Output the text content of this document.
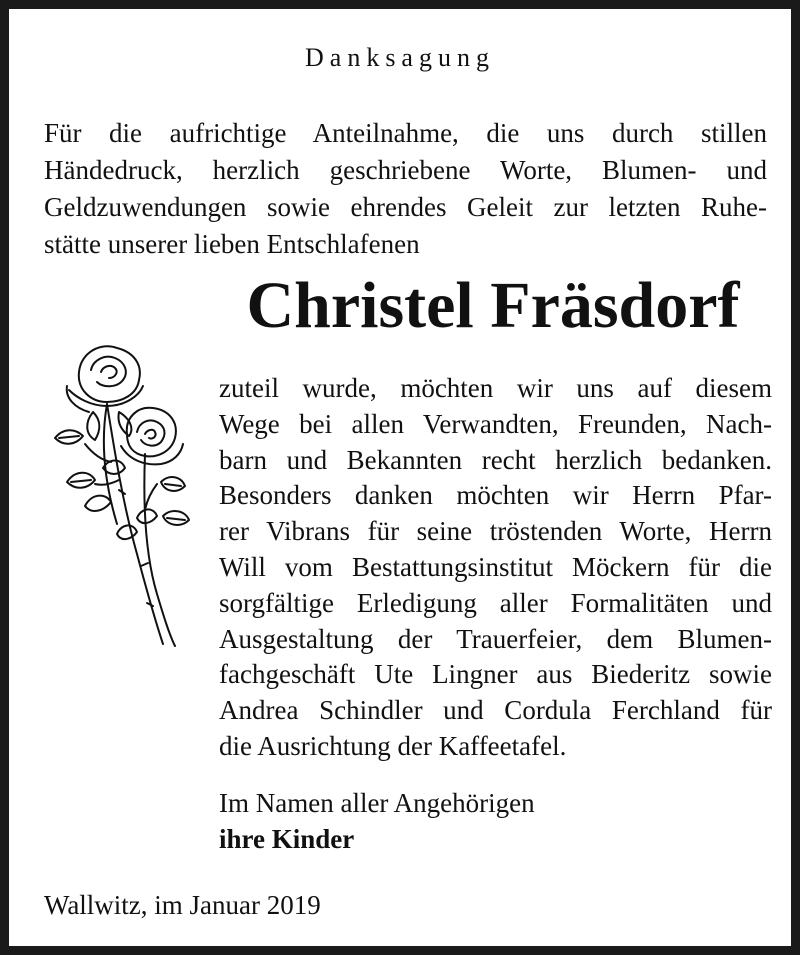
Danksagung
Für die aufrichtige Anteilnahme, die uns durch stillen
Händedruck, herzlich geschriebene Worte, Blumen- und
Geldzuwendungen sowie ehrendes Geleit zur letzten Ruhe-
stätte unserer lieben Entschlafenen
Christel Fräsdorf
zuteil wurde, möchten wir uns auf diesem
Wege bei allen Verwandten, Freunden, Nach-
barn und Bekannten recht herzlich bedanken.
Besonders danken möchten wir Herrn Pfar-
rer Vibrans für seine tröstenden Worte, Herrn
Will vom Bestattungsinstitut Möckern für die
sorgfältige Erledigung aller Formalitäten und
Ausgestaltung der Trauerfeier, dem Blumen-
fachgeschäft Ute Lingner aus Biederitz sowie
Andrea Schindler und Cordula Ferchland für
die Ausrichtung der Kaffeetafel.
Im Namen aller Angehörigen
ihre Kinder
Wallwitz, im Januar 2019
